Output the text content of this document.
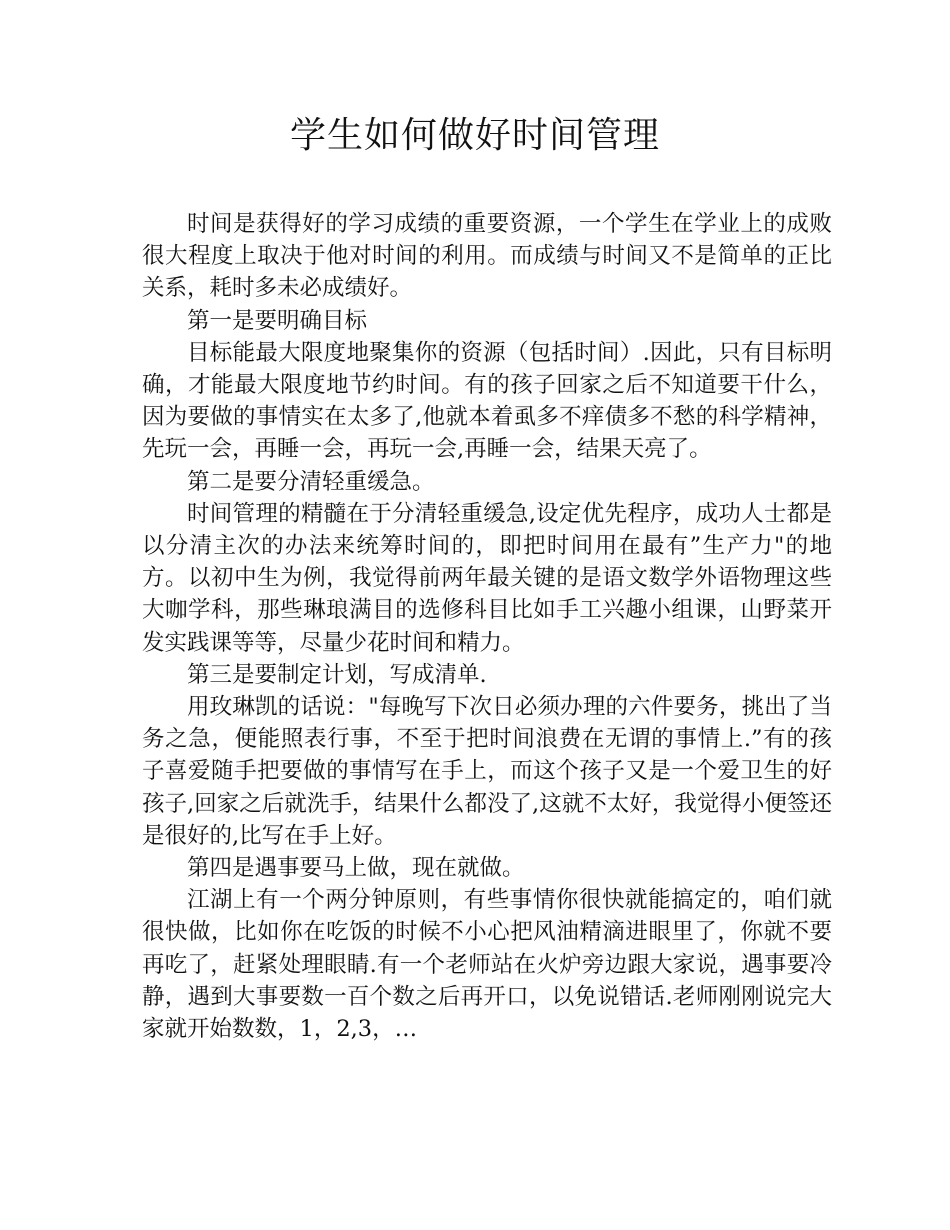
学生如何做好时间管理

时间是获得好的学习成绩的重要资源，一个学生在学业上的成败很大程度上取决于他对时间的利用。而成绩与时间又不是简单的正比关系，耗时多未必成绩好。

第一是要明确目标

目标能最大限度地聚集你的资源（包括时间）.因此，只有目标明确，才能最大限度地节约时间。有的孩子回家之后不知道要干什么，因为要做的事情实在太多了,他就本着虱多不痒债多不愁的科学精神，先玩一会，再睡一会，再玩一会,再睡一会，结果天亮了。

第二是要分清轻重缓急。

时间管理的精髓在于分清轻重缓急,设定优先程序，成功人士都是以分清主次的办法来统筹时间的，即把时间用在最有”生产力"的地方。以初中生为例，我觉得前两年最关键的是语文数学外语物理这些大咖学科，那些琳琅满目的选修科目比如手工兴趣小组课，山野菜开发实践课等等，尽量少花时间和精力。

第三是要制定计划，写成清单.

用玫琳凯的话说："每晚写下次日必须办理的六件要务，挑出了当务之急，便能照表行事，不至于把时间浪费在无谓的事情上.”有的孩子喜爱随手把要做的事情写在手上，而这个孩子又是一个爱卫生的好孩子,回家之后就洗手，结果什么都没了,这就不太好，我觉得小便签还是很好的,比写在手上好。

第四是遇事要马上做，现在就做。

江湖上有一个两分钟原则，有些事情你很快就能搞定的，咱们就很快做，比如你在吃饭的时候不小心把风油精滴进眼里了，你就不要再吃了，赶紧处理眼睛.有一个老师站在火炉旁边跟大家说，遇事要冷静，遇到大事要数一百个数之后再开口，以免说错话.老师刚刚说完大家就开始数数，1，2,3，…
